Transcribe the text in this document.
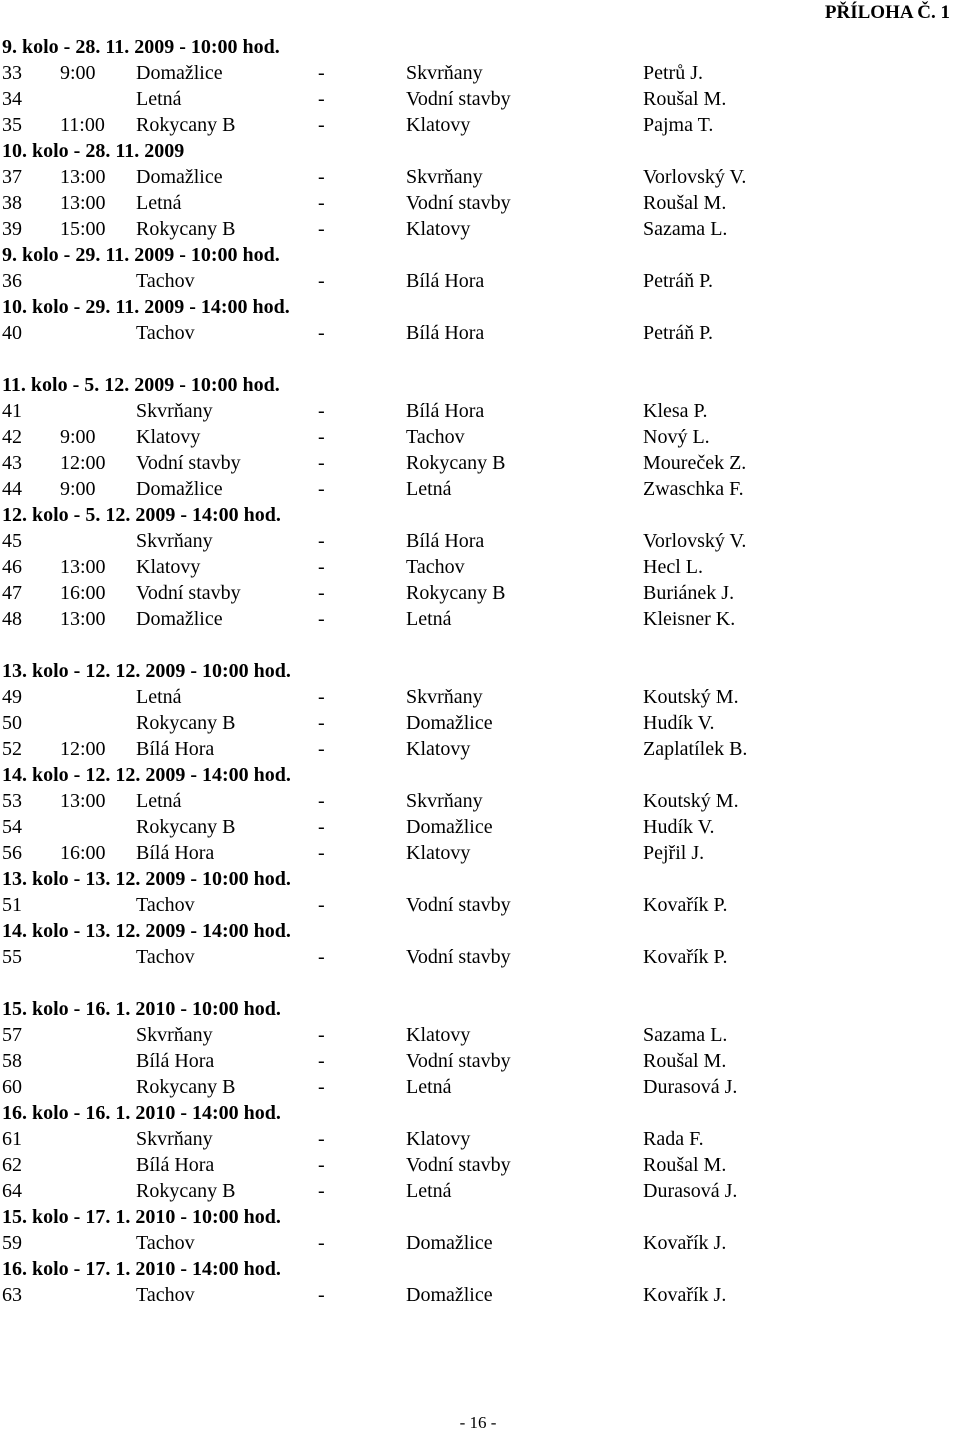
PŘÍLOHA Č. 1
9. kolo - 28. 11. 2009 - 10:00 hod.
33 9:00 Domažlice	-	Skvrňany	Petrů J.
34	Letná	-	Vodní stavby	Roušal M.
35 11:00 Rokycany B	-	Klatovy	Pajma T.
10. kolo - 28. 11. 2009
37 13:00 Domažlice	-	Skvrňany	Vorlovský V.
38 13:00 Letná	-	Vodní stavby	Roušal M.
39 15:00 Rokycany B	-	Klatovy	Sazama L.
9. kolo - 29. 11. 2009 - 10:00 hod.
36	Tachov	-	Bílá Hora	Petráň P.
10. kolo - 29. 11. 2009 - 14:00 hod.
40	Tachov	-	Bílá Hora	Petráň P.
11. kolo - 5. 12. 2009 - 10:00 hod.
41	Skvrňany	-	Bílá Hora	Klesa P.
42 9:00 Klatovy	-	Tachov	Nový L.
43 12:00 Vodní stavby	-	Rokycany B	Moureček Z.
44 9:00 Domažlice	-	Letná	Zwaschka F.
12. kolo - 5. 12. 2009 - 14:00 hod.
45	Skvrňany	-	Bílá Hora	Vorlovský V.
46 13:00 Klatovy	-	Tachov	Hecl L.
47 16:00 Vodní stavby	-	Rokycany B	Buriánek J.
48 13:00 Domažlice	-	Letná	Kleisner K.
13. kolo - 12. 12. 2009 - 10:00 hod.
49	Letná	-	Skvrňany	Koutský M.
50	Rokycany B	-	Domažlice	Hudík V.
52 12:00 Bílá Hora	-	Klatovy	Zaplatílek B.
14. kolo - 12. 12. 2009 - 14:00 hod.
53 13:00 Letná	-	Skvrňany	Koutský M.
54	Rokycany B	-	Domažlice	Hudík V.
56 16:00 Bílá Hora	-	Klatovy	Pejřil J.
13. kolo - 13. 12. 2009 - 10:00 hod.
51	Tachov	-	Vodní stavby	Kovařík P.
14. kolo - 13. 12. 2009 - 14:00 hod.
55	Tachov	-	Vodní stavby	Kovařík P.
15. kolo - 16. 1. 2010 - 10:00 hod.
57	Skvrňany	-	Klatovy	Sazama L.
58	Bílá Hora	-	Vodní stavby	Roušal M.
60	Rokycany B	-	Letná	Durasová J.
16. kolo - 16. 1. 2010 - 14:00 hod.
61	Skvrňany	-	Klatovy	Rada F.
62	Bílá Hora	-	Vodní stavby	Roušal M.
64	Rokycany B	-	Letná	Durasová J.
15. kolo - 17. 1. 2010 - 10:00 hod.
59	Tachov	-	Domažlice	Kovařík J.
16. kolo - 17. 1. 2010 - 14:00 hod.
63	Tachov	-	Domažlice	Kovařík J.
- 16 -
